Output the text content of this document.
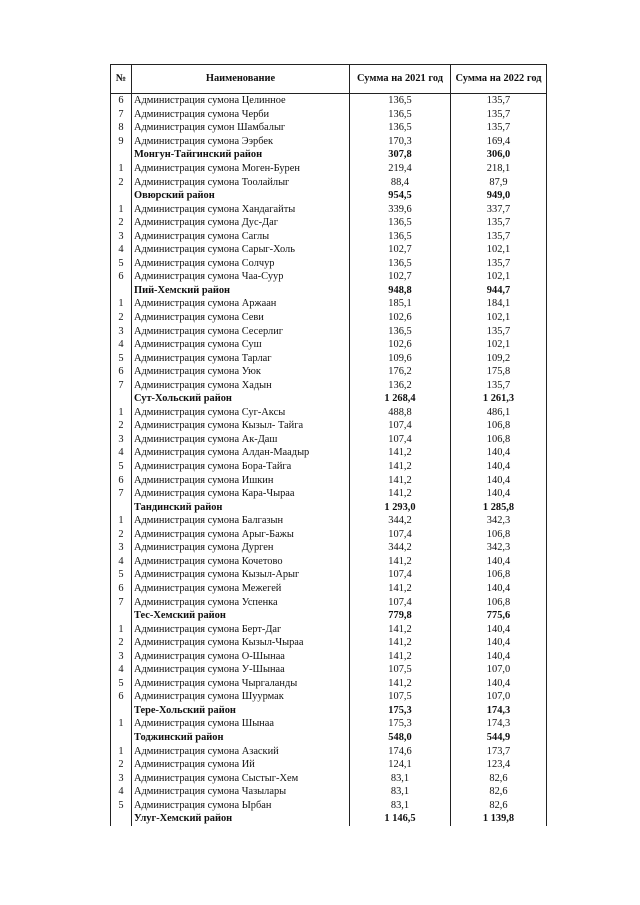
№	Наименование	Сумма на 2021 год	Сумма на 2022 год
6	Администрация сумона Целинное	136,5	135,7
7	Администрация сумона Черби	136,5	135,7
8	Администрация сумон Шамбалыг	136,5	135,7
9	Администрация сумона Ээрбек	170,3	169,4
	Монгун-Тайгинский район	307,8	306,0
1	Администрация сумона Моген-Бурен	219,4	218,1
2	Администрация сумона Тоолайлыг	88,4	87,9
	Овюрский район	954,5	949,0
1	Администрация сумона Хандагайты	339,6	337,7
2	Администрация сумона Дус-Даг	136,5	135,7
3	Администрация сумона Саглы	136,5	135,7
4	Администрация сумона Сарыг-Холь	102,7	102,1
5	Администрация сумона Солчур	136,5	135,7
6	Администрация сумона Чаа-Суур	102,7	102,1
	Пий-Хемский район	948,8	944,7
1	Администрация сумона Аржаан	185,1	184,1
2	Администрация сумона Севи	102,6	102,1
3	Администрация сумона Сесерлиг	136,5	135,7
4	Администрация сумона Суш	102,6	102,1
5	Администрация сумона Тарлаг	109,6	109,2
6	Администрация сумона Уюк	176,2	175,8
7	Администрация сумона Хадын	136,2	135,7
	Сут-Хольский район	1 268,4	1 261,3
1	Администрация сумона Суг-Аксы	488,8	486,1
2	Администрация сумона Кызыл- Тайга	107,4	106,8
3	Администрация сумона Ак-Даш	107,4	106,8
4	Администрация сумона Алдан-Маадыр	141,2	140,4
5	Администрация сумона Бора-Тайга	141,2	140,4
6	Администрация сумона Ишкин	141,2	140,4
7	Администрация сумона Кара-Чыраа	141,2	140,4
	Тандинский район	1 293,0	1 285,8
1	Администрация сумона Балгазын	344,2	342,3
2	Администрация сумона Арыг-Бажы	107,4	106,8
3	Администрация сумона Дурген	344,2	342,3
4	Администрация сумона Кочетово	141,2	140,4
5	Администрация сумона Кызыл-Арыг	107,4	106,8
6	Администрация сумона Межегей	141,2	140,4
7	Администрация сумона Успенка	107,4	106,8
	Тес-Хемский район	779,8	775,6
1	Администрация сумона Берт-Даг	141,2	140,4
2	Администрация сумона Кызыл-Чыраа	141,2	140,4
3	Администрация сумона О-Шынаа	141,2	140,4
4	Администрация сумона У-Шынаа	107,5	107,0
5	Администрация сумона Чыргаланды	141,2	140,4
6	Администрация сумона Шуурмак	107,5	107,0
	Тере-Хольский район	175,3	174,3
1	Администрация сумона Шынаа	175,3	174,3
	Тоджинский район	548,0	544,9
1	Администрация сумона Азаский	174,6	173,7
2	Администрация сумона Ий	124,1	123,4
3	Администрация сумона Сыстыг-Хем	83,1	82,6
4	Администрация сумона Чазылары	83,1	82,6
5	Администрация сумона Ырбан	83,1	82,6
	Улуг-Хемский район	1 146,5	1 139,8
